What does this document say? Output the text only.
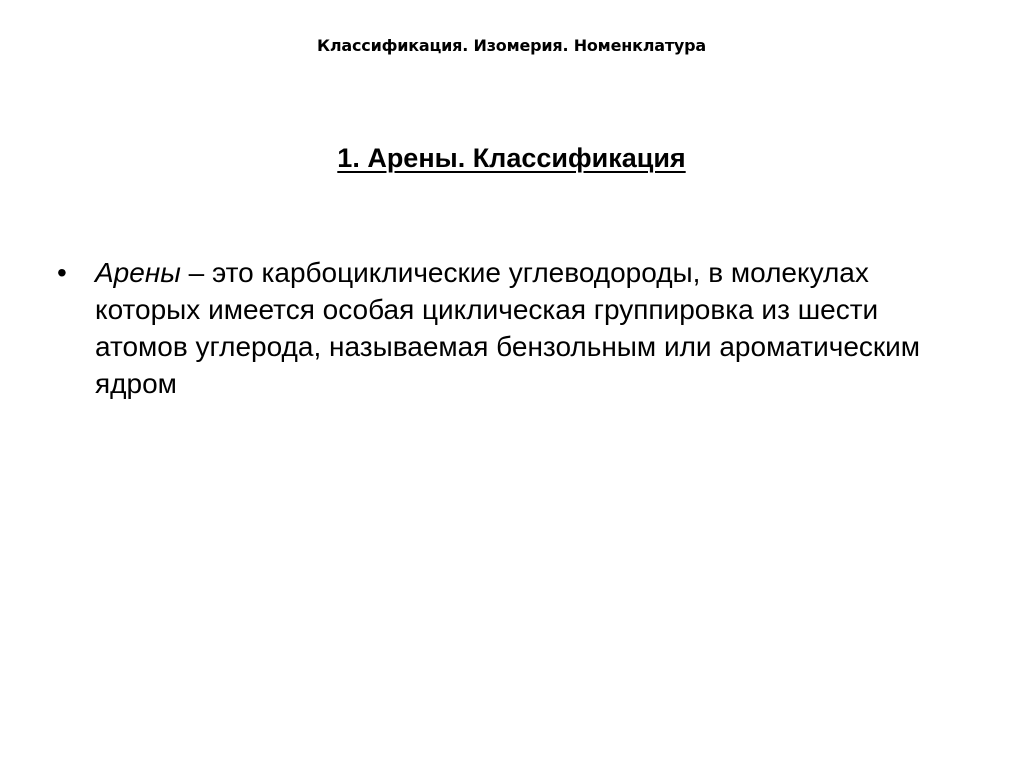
Классификация. Изомерия. Номенклатура
1. Арены. Классификация
• Арены – это карбоциклические углеводороды, в молекулах которых имеется особая циклическая группировка из шести атомов углерода, называемая бензольным или ароматическим ядром
